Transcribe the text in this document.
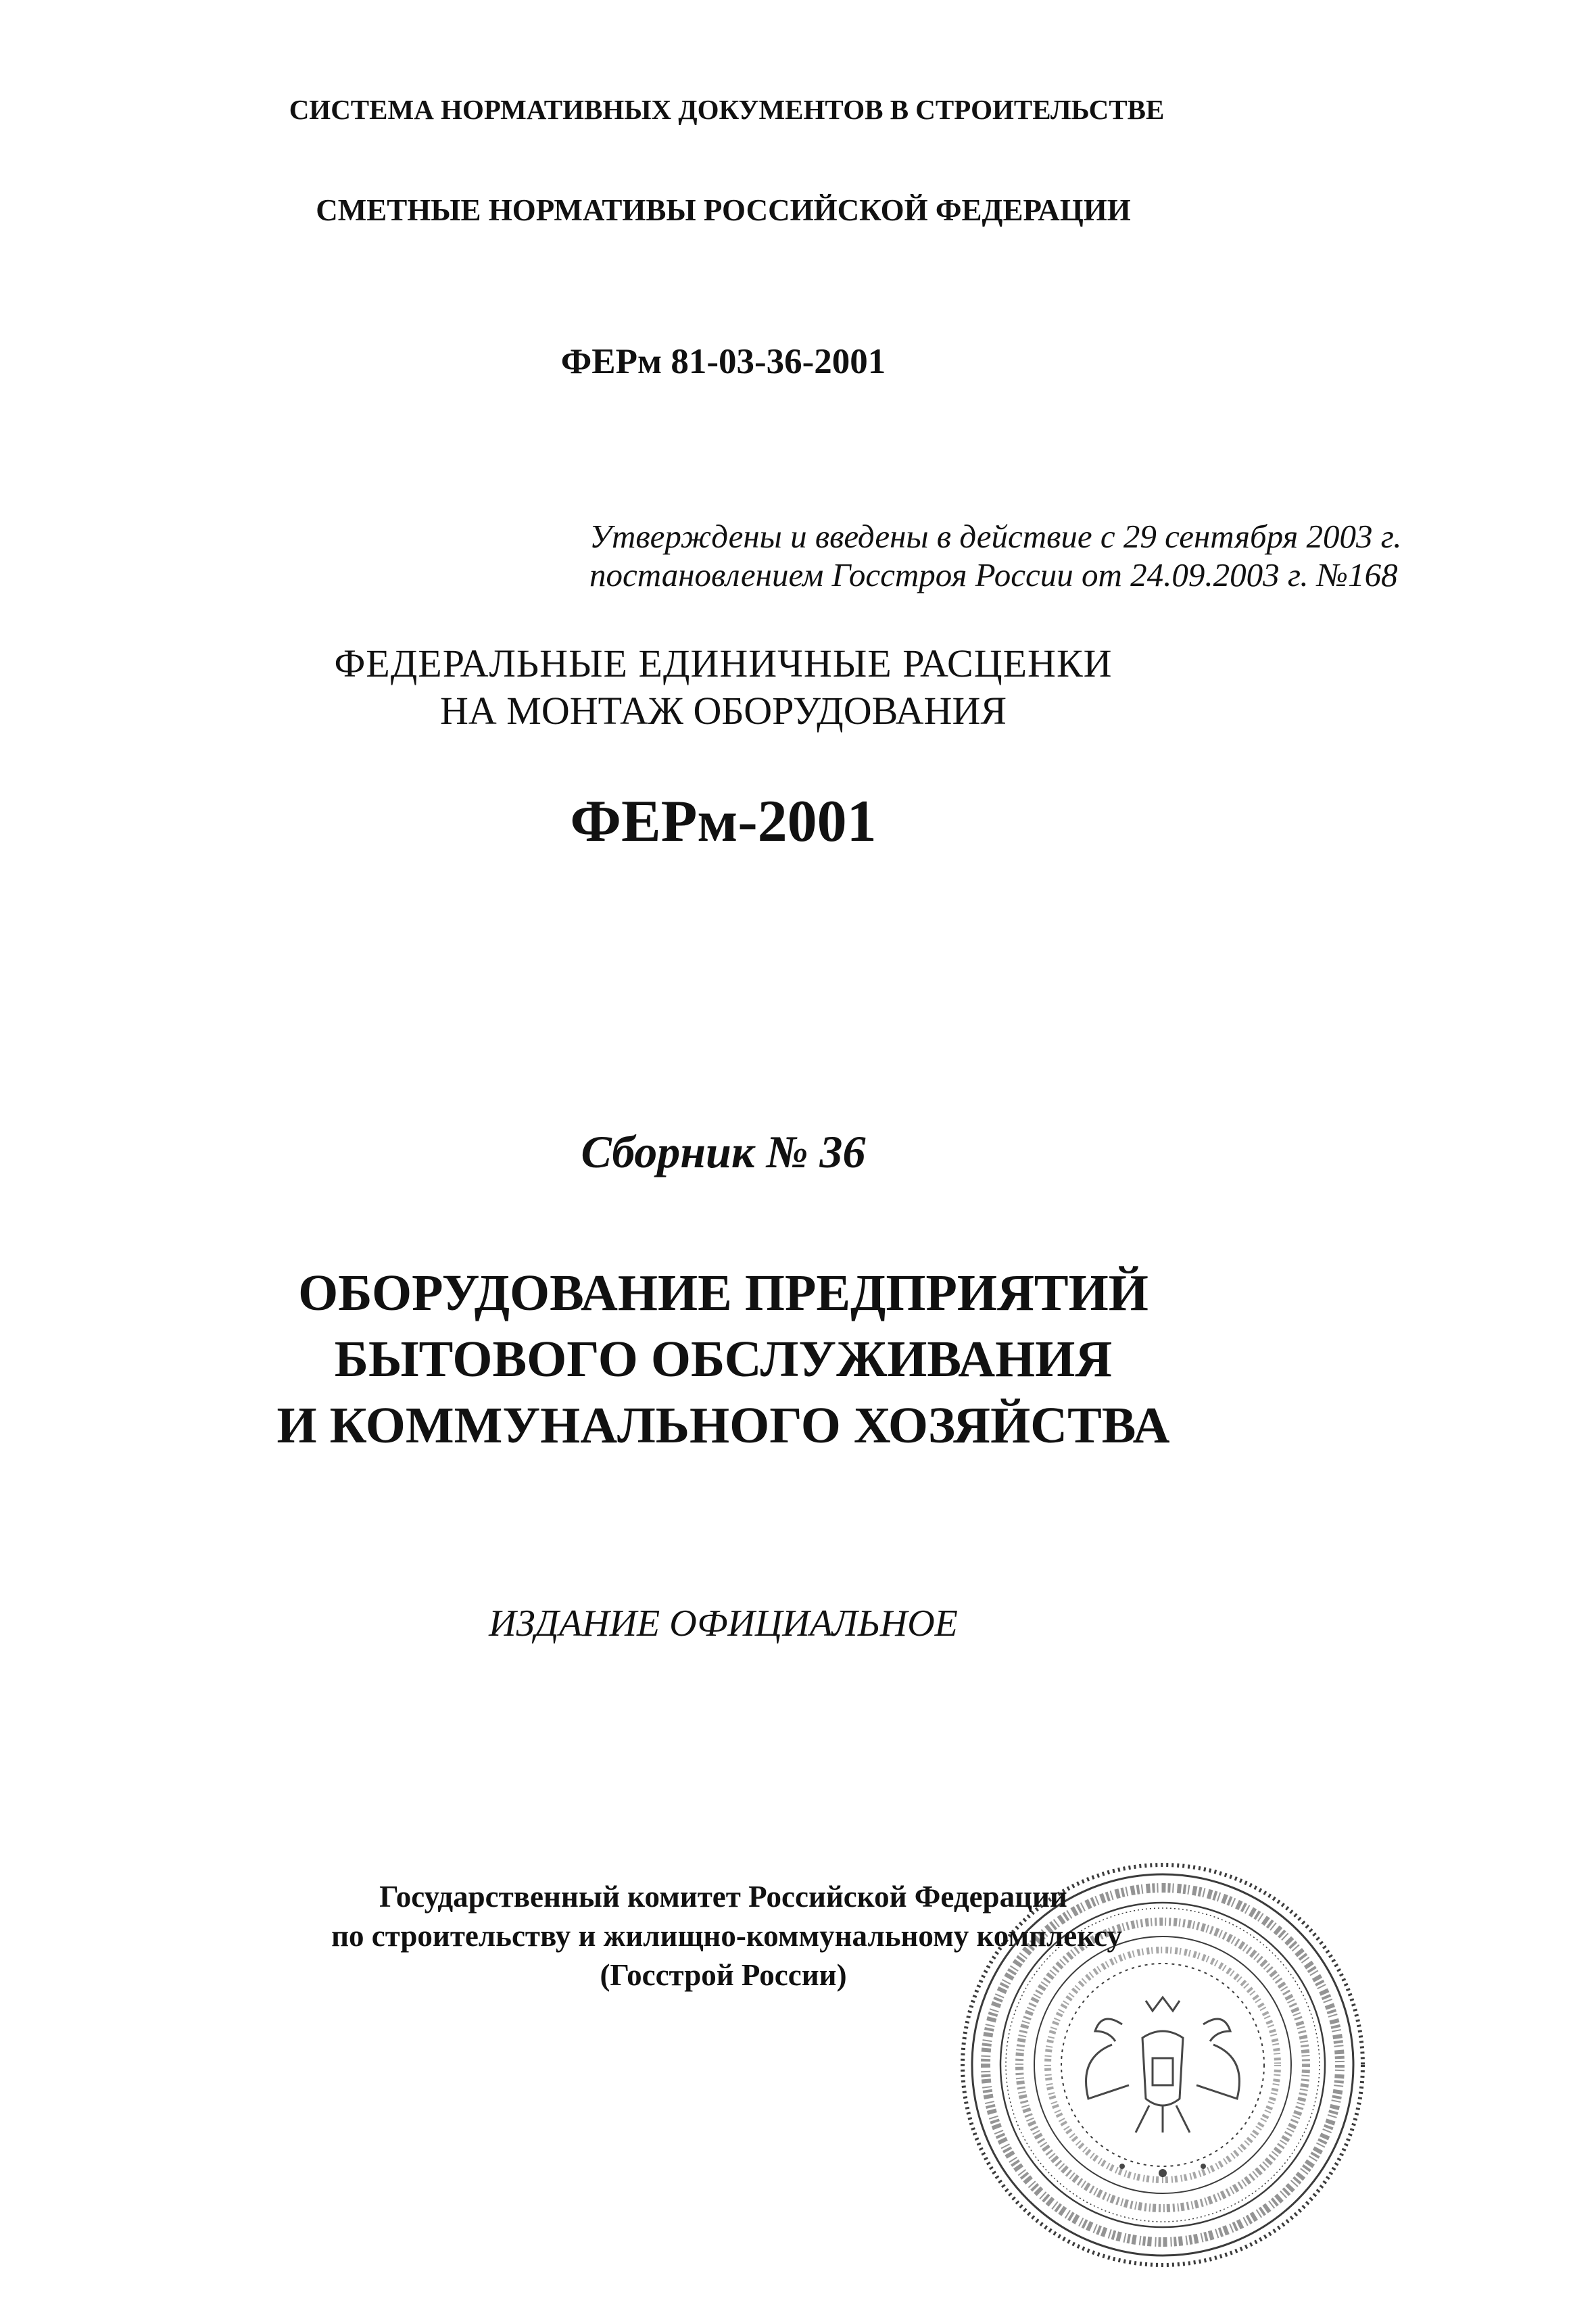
СИСТЕМА НОРМАТИВНЫХ ДОКУМЕНТОВ В СТРОИТЕЛЬСТВЕ
СМЕТНЫЕ НОРМАТИВЫ РОССИЙСКОЙ ФЕДЕРАЦИИ
ФЕРм 81-03-36-2001
Утверждены и введены в действие с 29 сентября 2003 г.
постановлением Госстроя России от 24.09.2003 г. №168
ФЕДЕРАЛЬНЫЕ ЕДИНИЧНЫЕ РАСЦЕНКИ
НА МОНТАЖ ОБОРУДОВАНИЯ
ФЕРм-2001
Сборник № 36
ОБОРУДОВАНИЕ ПРЕДПРИЯТИЙ
БЫТОВОГО ОБСЛУЖИВАНИЯ
И КОММУНАЛЬНОГО ХОЗЯЙСТВА
ИЗДАНИЕ ОФИЦИАЛЬНОЕ
Государственный комитет Российской Федерации
по строительству и жилищно-коммунальному комплексу
(Госстрой России)
